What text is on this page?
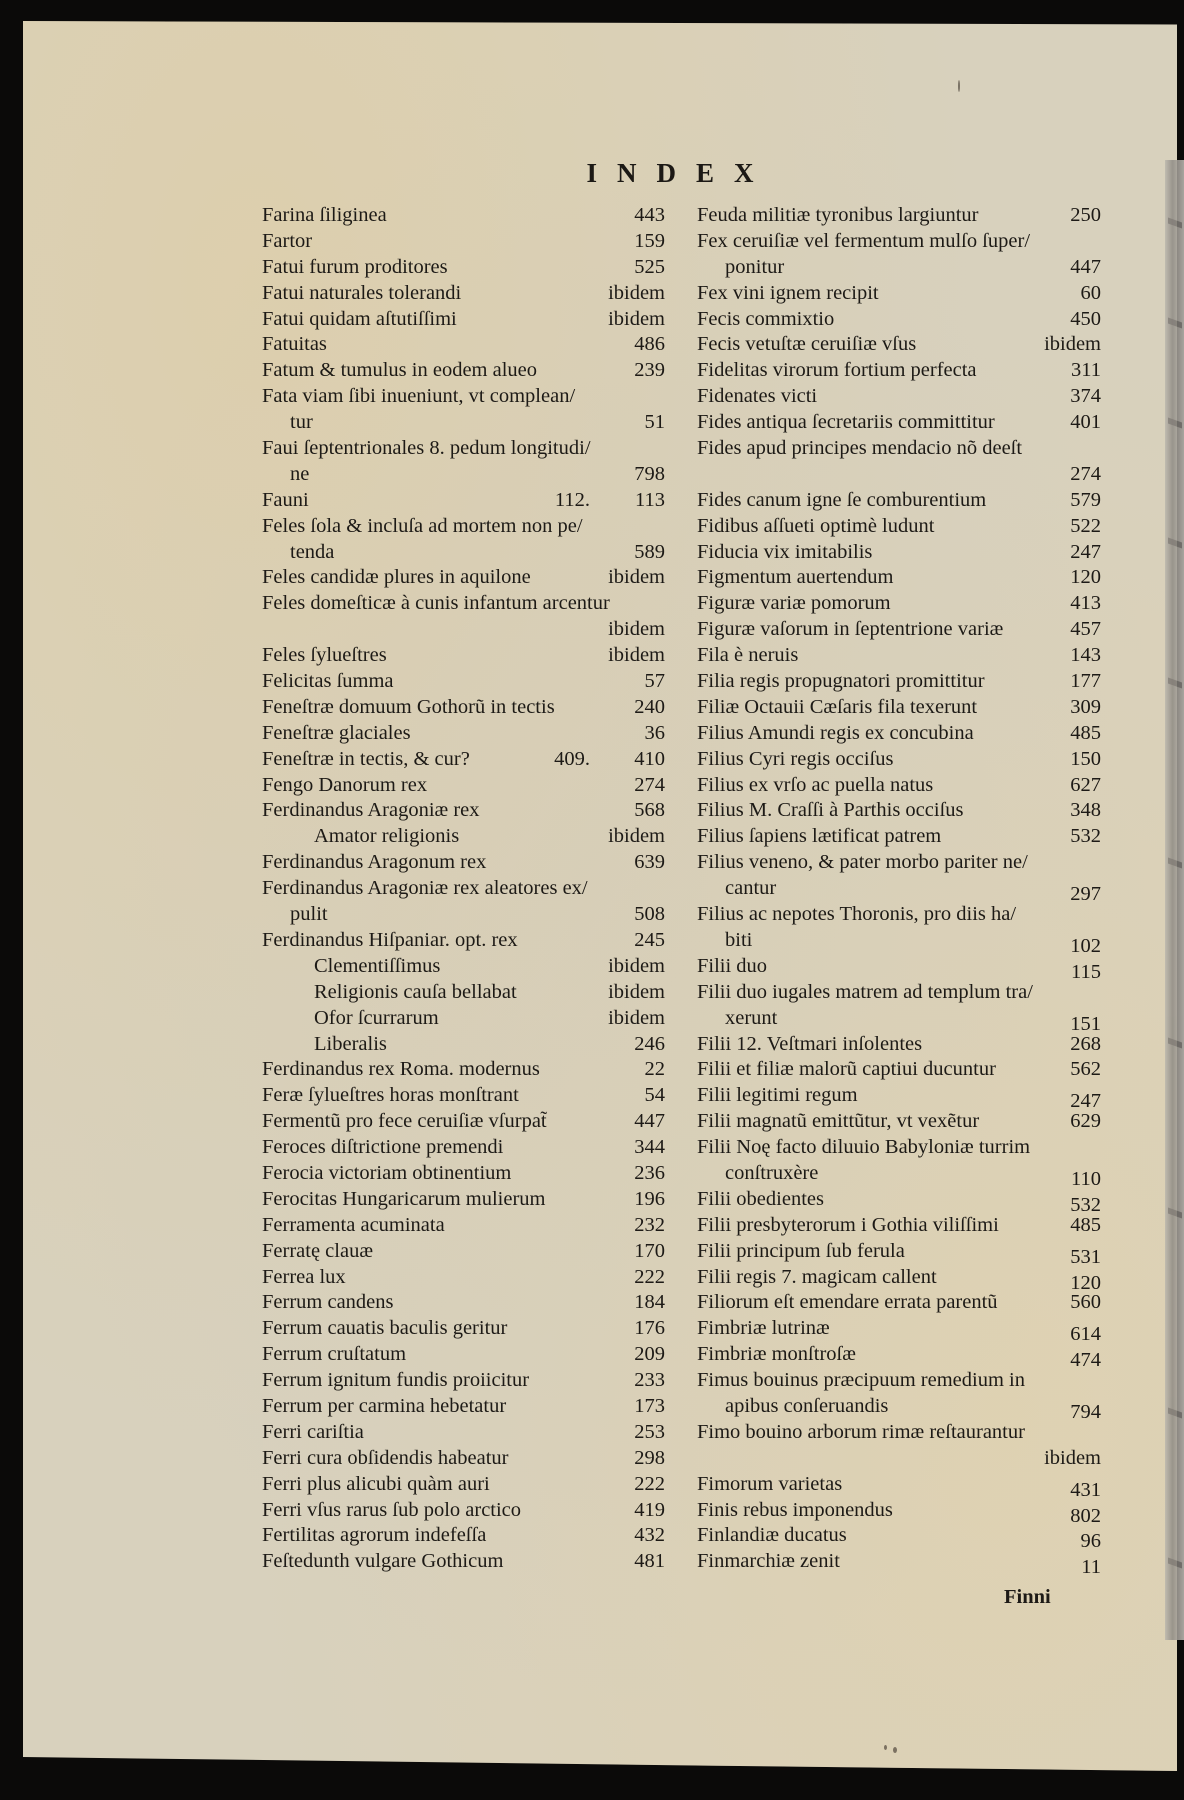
INDEX
Farina ſiliginea	443
Fartor	159
Fatui furum proditores	525
Fatui naturales tolerandi	ibidem
Fatui quidam aſtutiſſimi	ibidem
Fatuitas	486
Fatum & tumulus in eodem alueo	239
Fata viam ſibi inueniunt, vt complean/
tur	51
Faui ſeptentrionales 8. pedum longitudi/
ne	798
Fauni	112. 113
Feles ſola & incluſa ad mortem non pe/
tenda	589
Feles candidæ plures in aquilone	ibidem
Feles domeſticæ à cunis infantum arcentur
ibidem
Feles ſylueſtres	ibidem
Felicitas ſumma	57
Feneſtræ domuum Gothorũ in tectis	240
Feneſtræ glaciales	36
Feneſtræ in tectis, & cur?	409. 410
Fengo Danorum rex	274
Ferdinandus Aragoniæ rex	568
Amator religionis	ibidem
Ferdinandus Aragonum rex	639
Ferdinandus Aragoniæ rex aleatores ex/
pulit	508
Ferdinandus Hiſpaniar. opt. rex	245
Clementiſſimus	ibidem
Religionis cauſa bellabat	ibidem
Ofor ſcurrarum	ibidem
Liberalis	246
Ferdinandus rex Roma. modernus	22
Feræ ſylueſtres horas monſtrant	54
Fermentũ pro fece ceruiſiæ vſurpat̃	447
Feroces diſtrictione premendi	344
Ferocia victoriam obtinentium	236
Ferocitas Hungaricarum mulierum	196
Ferramenta acuminata	232
Ferratę clauæ	170
Ferrea lux	222
Ferrum candens	184
Ferrum cauatis baculis geritur	176
Ferrum cruſtatum	209
Ferrum ignitum fundis proiicitur	233
Ferrum per carmina hebetatur	173
Ferri cariſtia	253
Ferri cura obſidendis habeatur	298
Ferri plus alicubi quàm auri	222
Ferri vſus rarus ſub polo arctico	419
Fertilitas agrorum indefeſſa	432
Feſtedunth vulgare Gothicum	481
Feuda militiæ tyronibus largiuntur	250
Fex ceruiſiæ vel fermentum mulſo ſuper/
ponitur	447
Fex vini ignem recipit	60
Fecis commixtio	450
Fecis vetuſtæ ceruiſiæ vſus	ibidem
Fidelitas virorum fortium perfecta	311
Fidenates victi	374
Fides antiqua ſecretariis committitur	401
Fides apud principes mendacio nõ deeſt
274
Fides canum igne ſe comburentium	579
Fidibus aſſueti optimè ludunt	522
Fiducia vix imitabilis	247
Figmentum auertendum	120
Figuræ variæ pomorum	413
Figuræ vaſorum in ſeptentrione variæ	457
Fila è neruis	143
Filia regis propugnatori promittitur	177
Filiæ Octauii Cæſaris fila texerunt	309
Filius Amundi regis ex concubina	485
Filius Cyri regis occiſus	150
Filius ex vrſo ac puella natus	627
Filius M. Craſſi à Parthis occiſus	348
Filius ſapiens lætificat patrem	532
Filius veneno, & pater morbo pariter ne/
cantur	297
Filius ac nepotes Thoronis, pro diis ha/
biti	102
Filii duo	115
Filii duo iugales matrem ad templum tra/
xerunt	151
Filii 12. Veſtmari inſolentes	268
Filii et filiæ malorũ captiui ducuntur	562
Filii legitimi regum	247
Filii magnatũ emittũtur, vt vexẽtur	629
Filii Noę facto diluuio Babyloniæ turrim
conſtruxère	110
Filii obedientes	532
Filii presbyterorum i Gothia viliſſimi	485
Filii principum ſub ferula	531
Filii regis 7. magicam callent	120
Filiorum eſt emendare errata parentũ	560
Fimbriæ lutrinæ	614
Fimbriæ monſtroſæ	474
Fimus bouinus præcipuum remedium in
apibus conſeruandis	794
Fimo bouino arborum rimæ reſtaurantur
ibidem
Fimorum varietas	431
Finis rebus imponendus	802
Finlandiæ ducatus	96
Finmarchiæ zenit	11
Finni
